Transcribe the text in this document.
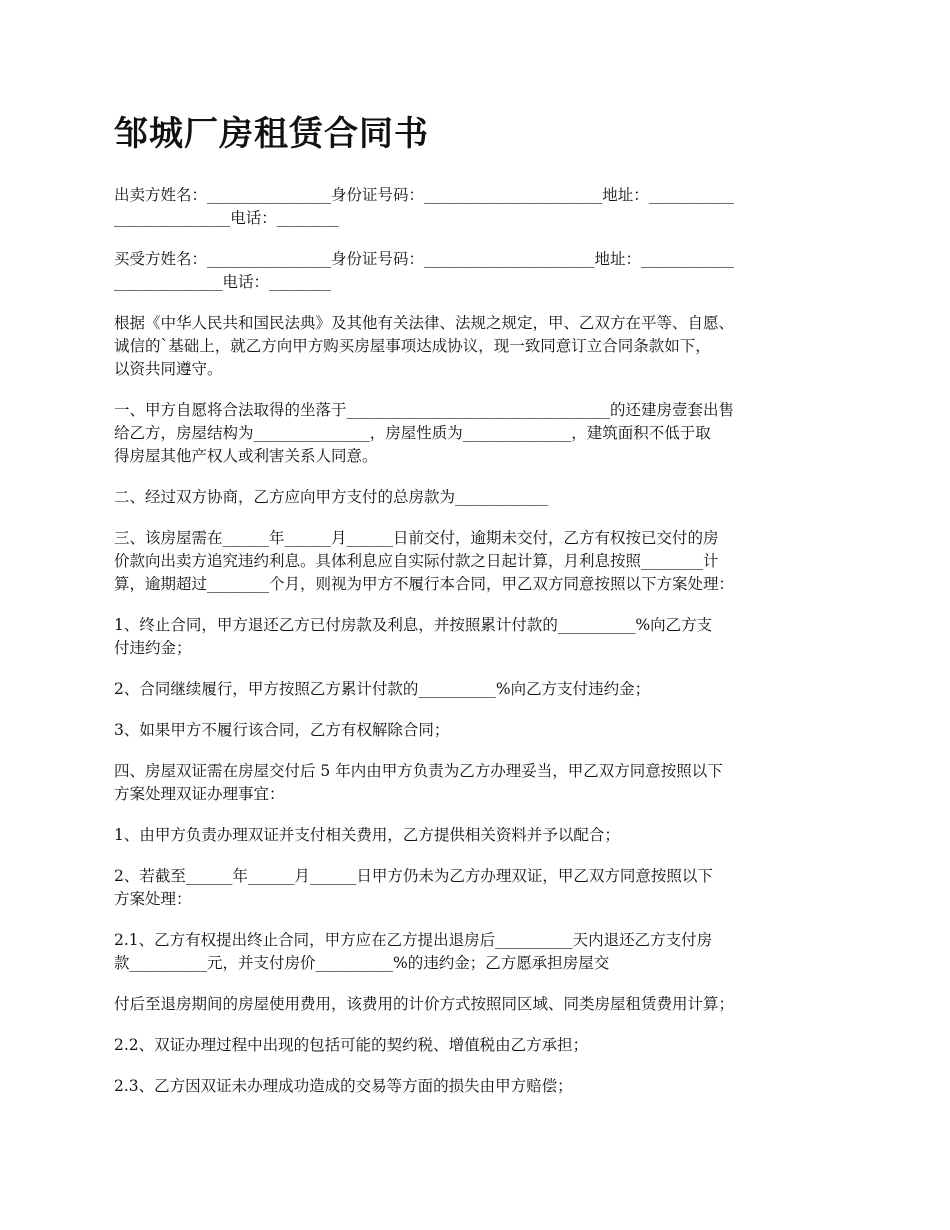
邹城厂房租赁合同书

出卖方姓名：________________身份证号码：_______________________地址：___________
_______________电话：________

买受方姓名：________________身份证号码：______________________地址：____________
______________电话：________

根据《中华人民共和国民法典》及其他有关法律、法规之规定，甲、乙双方在平等、自愿、
诚信的`基础上，就乙方向甲方购买房屋事项达成协议，现一致同意订立合同条款如下，
以资共同遵守。

一、甲方自愿将合法取得的坐落于__________________________________的还建房壹套出售
给乙方，房屋结构为_______________，房屋性质为______________，建筑面积不低于取
得房屋其他产权人或利害关系人同意。

二、经过双方协商，乙方应向甲方支付的总房款为____________

三、该房屋需在______年______月______日前交付，逾期未交付，乙方有权按已交付的房
价款向出卖方追究违约利息。具体利息应自实际付款之日起计算，月利息按照________计
算，逾期超过________个月，则视为甲方不履行本合同，甲乙双方同意按照以下方案处理：

1、终止合同，甲方退还乙方已付房款及利息，并按照累计付款的__________%向乙方支
付违约金；

2、合同继续履行，甲方按照乙方累计付款的__________%向乙方支付违约金；

3、如果甲方不履行该合同，乙方有权解除合同；

四、房屋双证需在房屋交付后 5 年内由甲方负责为乙方办理妥当，甲乙双方同意按照以下
方案处理双证办理事宜：

1、由甲方负责办理双证并支付相关费用，乙方提供相关资料并予以配合；

2、若截至______年______月______日甲方仍未为乙方办理双证，甲乙双方同意按照以下
方案处理：

2.1、乙方有权提出终止合同，甲方应在乙方提出退房后__________天内退还乙方支付房
款__________元，并支付房价__________%的违约金；乙方愿承担房屋交

付后至退房期间的房屋使用费用，该费用的计价方式按照同区域、同类房屋租赁费用计算；

2.2、双证办理过程中出现的包括可能的契约税、增值税由乙方承担；

2.3、乙方因双证未办理成功造成的交易等方面的损失由甲方赔偿；
